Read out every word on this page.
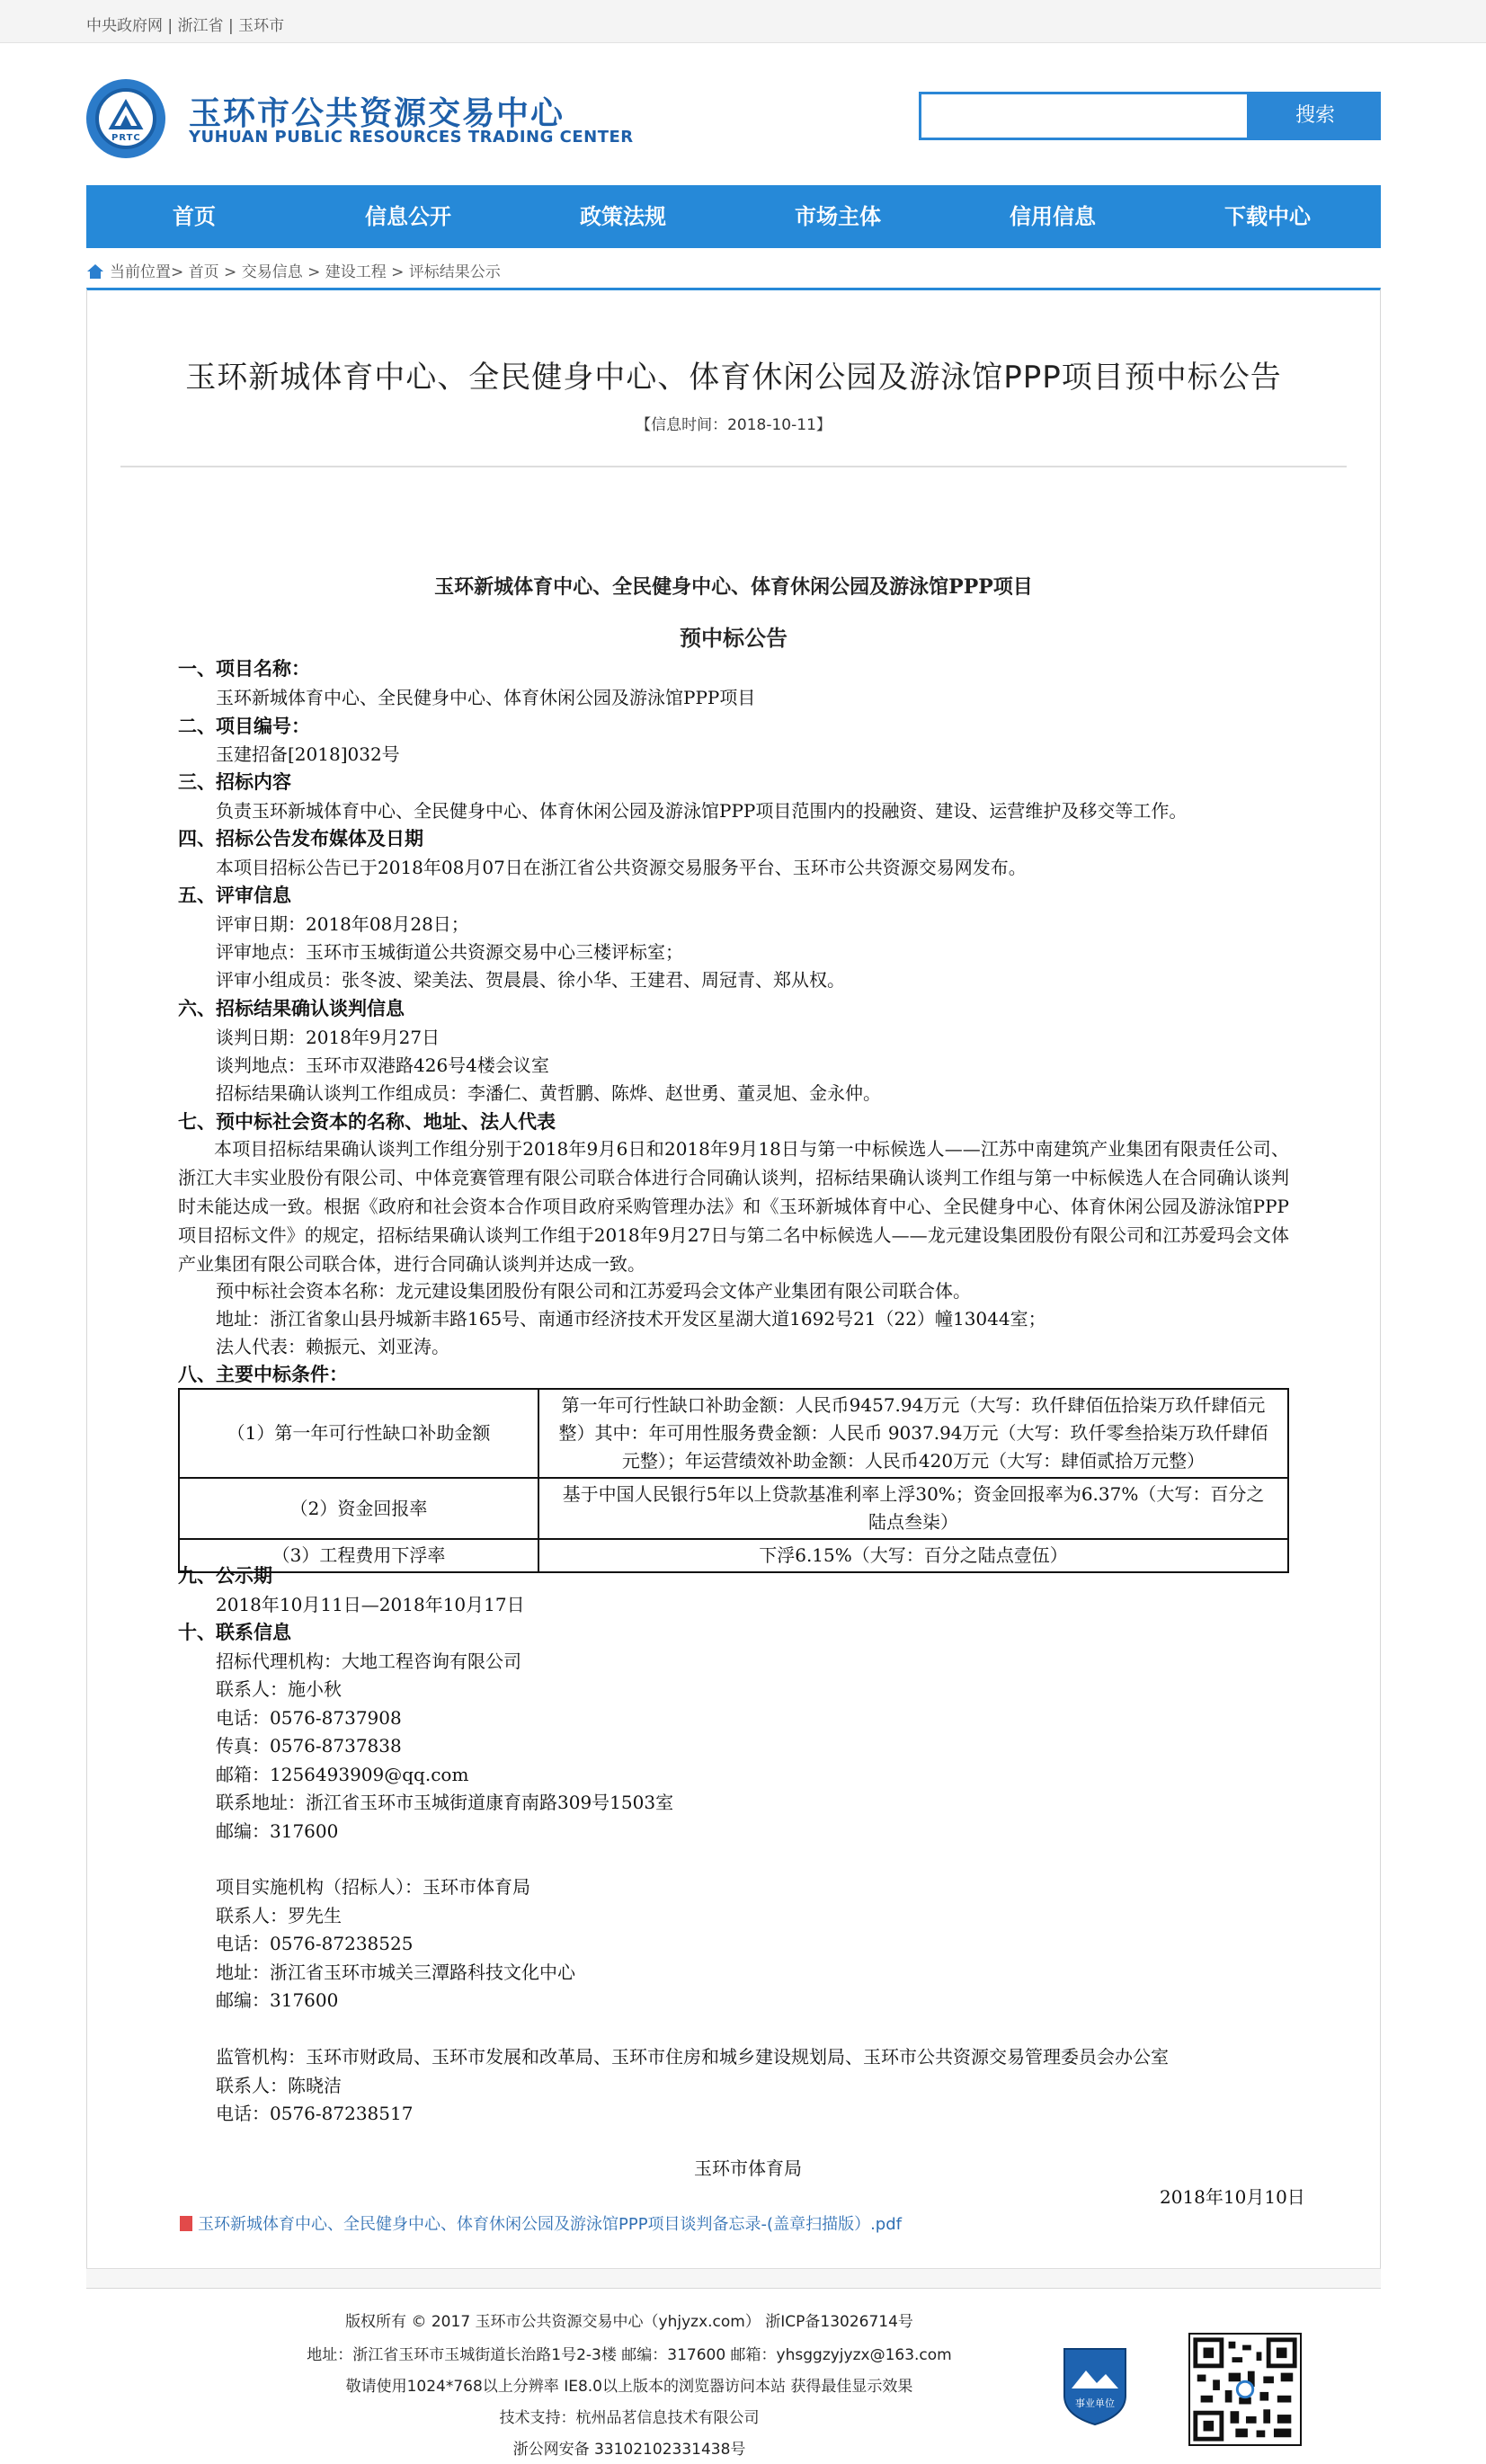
中央政府网 | 浙江省 | 玉环市
PRTC
玉环市公共资源交易中心
YUHUAN PUBLIC RESOURCES TRADING CENTER
搜索
首页	信息公开	政策法规	市场主体	信用信息	下载中心
当前位置> 首页 > 交易信息 > 建设工程 > 评标结果公示
玉环新城体育中心、全民健身中心、体育休闲公园及游泳馆PPP项目预中标公告
【信息时间：2018-10-11】
玉环新城体育中心、全民健身中心、体育休闲公园及游泳馆PPP项目
预中标公告
一、项目名称：
玉环新城体育中心、全民健身中心、体育休闲公园及游泳馆PPP项目
二、项目编号：
玉建招备[2018]032号
三、招标内容
负责玉环新城体育中心、全民健身中心、体育休闲公园及游泳馆PPP项目范围内的投融资、建设、运营维护及移交等工作。
四、招标公告发布媒体及日期
本项目招标公告已于2018年08月07日在浙江省公共资源交易服务平台、玉环市公共资源交易网发布。
五、评审信息
评审日期：2018年08月28日；
评审地点：玉环市玉城街道公共资源交易中心三楼评标室；
评审小组成员：张冬波、梁美法、贺晨晨、徐小华、王建君、周冠青、郑从权。
六、招标结果确认谈判信息
谈判日期：2018年9月27日
谈判地点：玉环市双港路426号4楼会议室
招标结果确认谈判工作组成员：李潘仁、黄哲鹏、陈烨、赵世勇、董灵旭、金永仲。
七、预中标社会资本的名称、地址、法人代表
本项目招标结果确认谈判工作组分别于2018年9月6日和2018年9月18日与第一中标候选人——江苏中南建筑产业集团有限责任公司、浙江大丰实业股份有限公司、中体竞赛管理有限公司联合体进行合同确认谈判，招标结果确认谈判工作组与第一中标候选人在合同确认谈判时未能达成一致。根据《政府和社会资本合作项目政府采购管理办法》和《玉环新城体育中心、全民健身中心、体育休闲公园及游泳馆PPP项目招标文件》的规定，招标结果确认谈判工作组于2018年9月27日与第二名中标候选人——龙元建设集团股份有限公司和江苏爱玛会文体产业集团有限公司联合体，进行合同确认谈判并达成一致。
预中标社会资本名称：龙元建设集团股份有限公司和江苏爱玛会文体产业集团有限公司联合体。
地址：浙江省象山县丹城新丰路165号、南通市经济技术开发区星湖大道1692号21（22）幢13044室；
法人代表：赖振元、刘亚涛。
八、主要中标条件：
（1）第一年可行性缺口补助金额	第一年可行性缺口补助金额：人民币9457.94万元（大写：玖仟肆佰伍拾柒万玖仟肆佰元整）其中：年可用性服务费金额：人民币 9037.94万元（大写：玖仟零叁拾柒万玖仟肆佰元整）；年运营绩效补助金额：人民币420万元（大写：肆佰贰拾万元整）
（2）资金回报率	基于中国人民银行5年以上贷款基准利率上浮30%；资金回报率为6.37%（大写：百分之陆点叁柒）
（3）工程费用下浮率	下浮6.15%（大写：百分之陆点壹伍）
九、公示期
2018年10月11日—2018年10月17日
十、联系信息
招标代理机构：大地工程咨询有限公司
联系人：施小秋
电话：0576-8737908
传真：0576-8737838
邮箱：1256493909@qq.com
联系地址：浙江省玉环市玉城街道康育南路309号1503室
邮编：317600
项目实施机构（招标人）：玉环市体育局
联系人：罗先生
电话：0576-87238525
地址：浙江省玉环市城关三潭路科技文化中心
邮编：317600
监管机构：玉环市财政局、玉环市发展和改革局、玉环市住房和城乡建设规划局、玉环市公共资源交易管理委员会办公室
联系人：陈晓洁
电话：0576-87238517
玉环市体育局
2018年10月10日
玉环新城体育中心、全民健身中心、体育休闲公园及游泳馆PPP项目谈判备忘录-(盖章扫描版）.pdf
版权所有 © 2017 玉环市公共资源交易中心（yhjyzx.com） 浙ICP备13026714号
地址：浙江省玉环市玉城街道长治路1号2-3楼 邮编：317600 邮箱：yhsggzyjyzx@163.com
敬请使用1024*768以上分辨率 IE8.0以上版本的浏览器访问本站 获得最佳显示效果
技术支持：杭州品茗信息技术有限公司
浙公网安备 33102102331438号
事业单位
